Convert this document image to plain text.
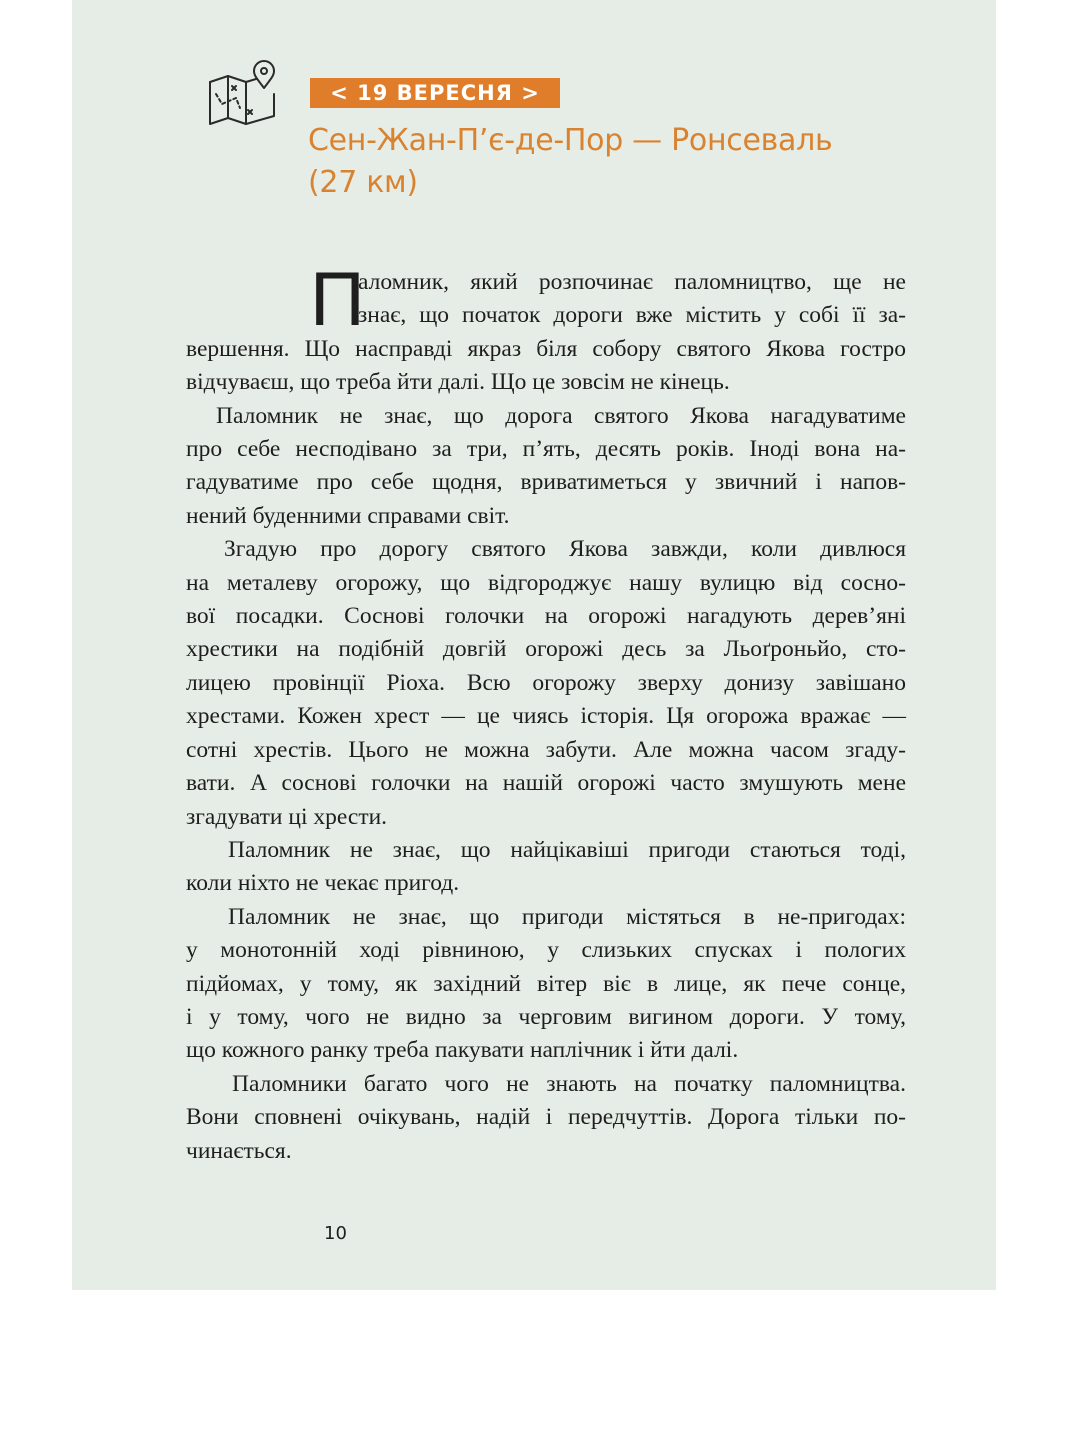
< 19 ВЕРЕСНЯ >
Сен-Жан-П’є-де-Пор — Ронсеваль
(27 км)
П
аломник, який розпочинає паломництво, ще не
знає, що початок дороги вже містить у собі її за-
вершення. Що насправді якраз біля собору святого Якова гостро
відчуваєш, що треба йти далі. Що це зовсім не кінець.
Паломник не знає, що дорога святого Якова нагадуватиме
про себе несподівано за три, п’ять, десять років. Іноді вона на-
гадуватиме про себе щодня, вриватиметься у звичний і напов-
нений буденними справами світ.
Згадую про дорогу святого Якова завжди, коли дивлюся
на металеву огорожу, що відгороджує нашу вулицю від сосно-
вої посадки. Соснові голочки на огорожі нагадують дерев’яні
хрестики на подібній довгій огорожі десь за Льоґроньйо, сто-
лицею провінції Ріоха. Всю огорожу зверху донизу завішано
хрестами. Кожен хрест — це чиясь історія. Ця огорожа вражає —
сотні хрестів. Цього не можна забути. Але можна часом згаду-
вати. А соснові голочки на нашій огорожі часто змушують мене
згадувати ці хрести.
Паломник не знає, що найцікавіші пригоди стаються тоді,
коли ніхто не чекає пригод.
Паломник не знає, що пригоди містяться в не-пригодах:
у монотонній ході рівниною, у слизьких спусках і пологих
підйомах, у тому, як західний вітер віє в лице, як пече сонце,
і у тому, чого не видно за черговим вигином дороги. У тому,
що кожного ранку треба пакувати наплічник і йти далі.
Паломники багато чого не знають на початку паломництва.
Вони сповнені очікувань, надій і передчуттів. Дорога тільки по-
чинається.
10
